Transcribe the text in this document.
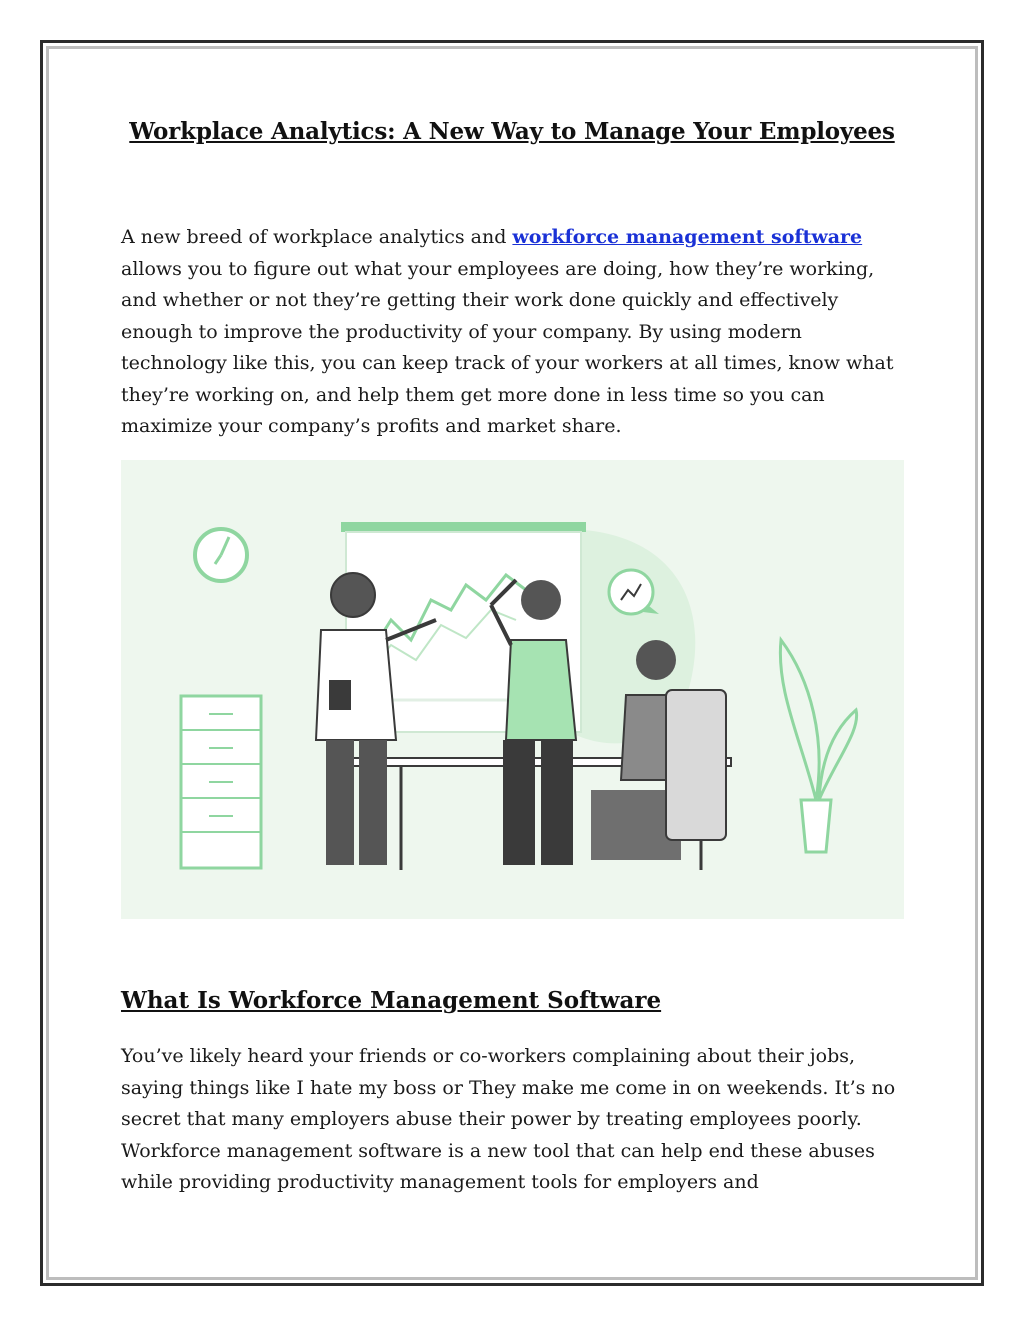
Workplace Analytics: A New Way to Manage Your Employees

A new breed of workplace analytics and workforce management software allows you to figure out what your employees are doing, how they’re working, and whether or not they’re getting their work done quickly and effectively enough to improve the productivity of your company. By using modern technology like this, you can keep track of your workers at all times, know what they’re working on, and help them get more done in less time so you can maximize your company’s profits and market share.

What Is Workforce Management Software

You’ve likely heard your friends or co-workers complaining about their jobs, saying things like I hate my boss or They make me come in on weekends. It’s no secret that many employers abuse their power by treating employees poorly. Workforce management software is a new tool that can help end these abuses while providing productivity management tools for employers and
